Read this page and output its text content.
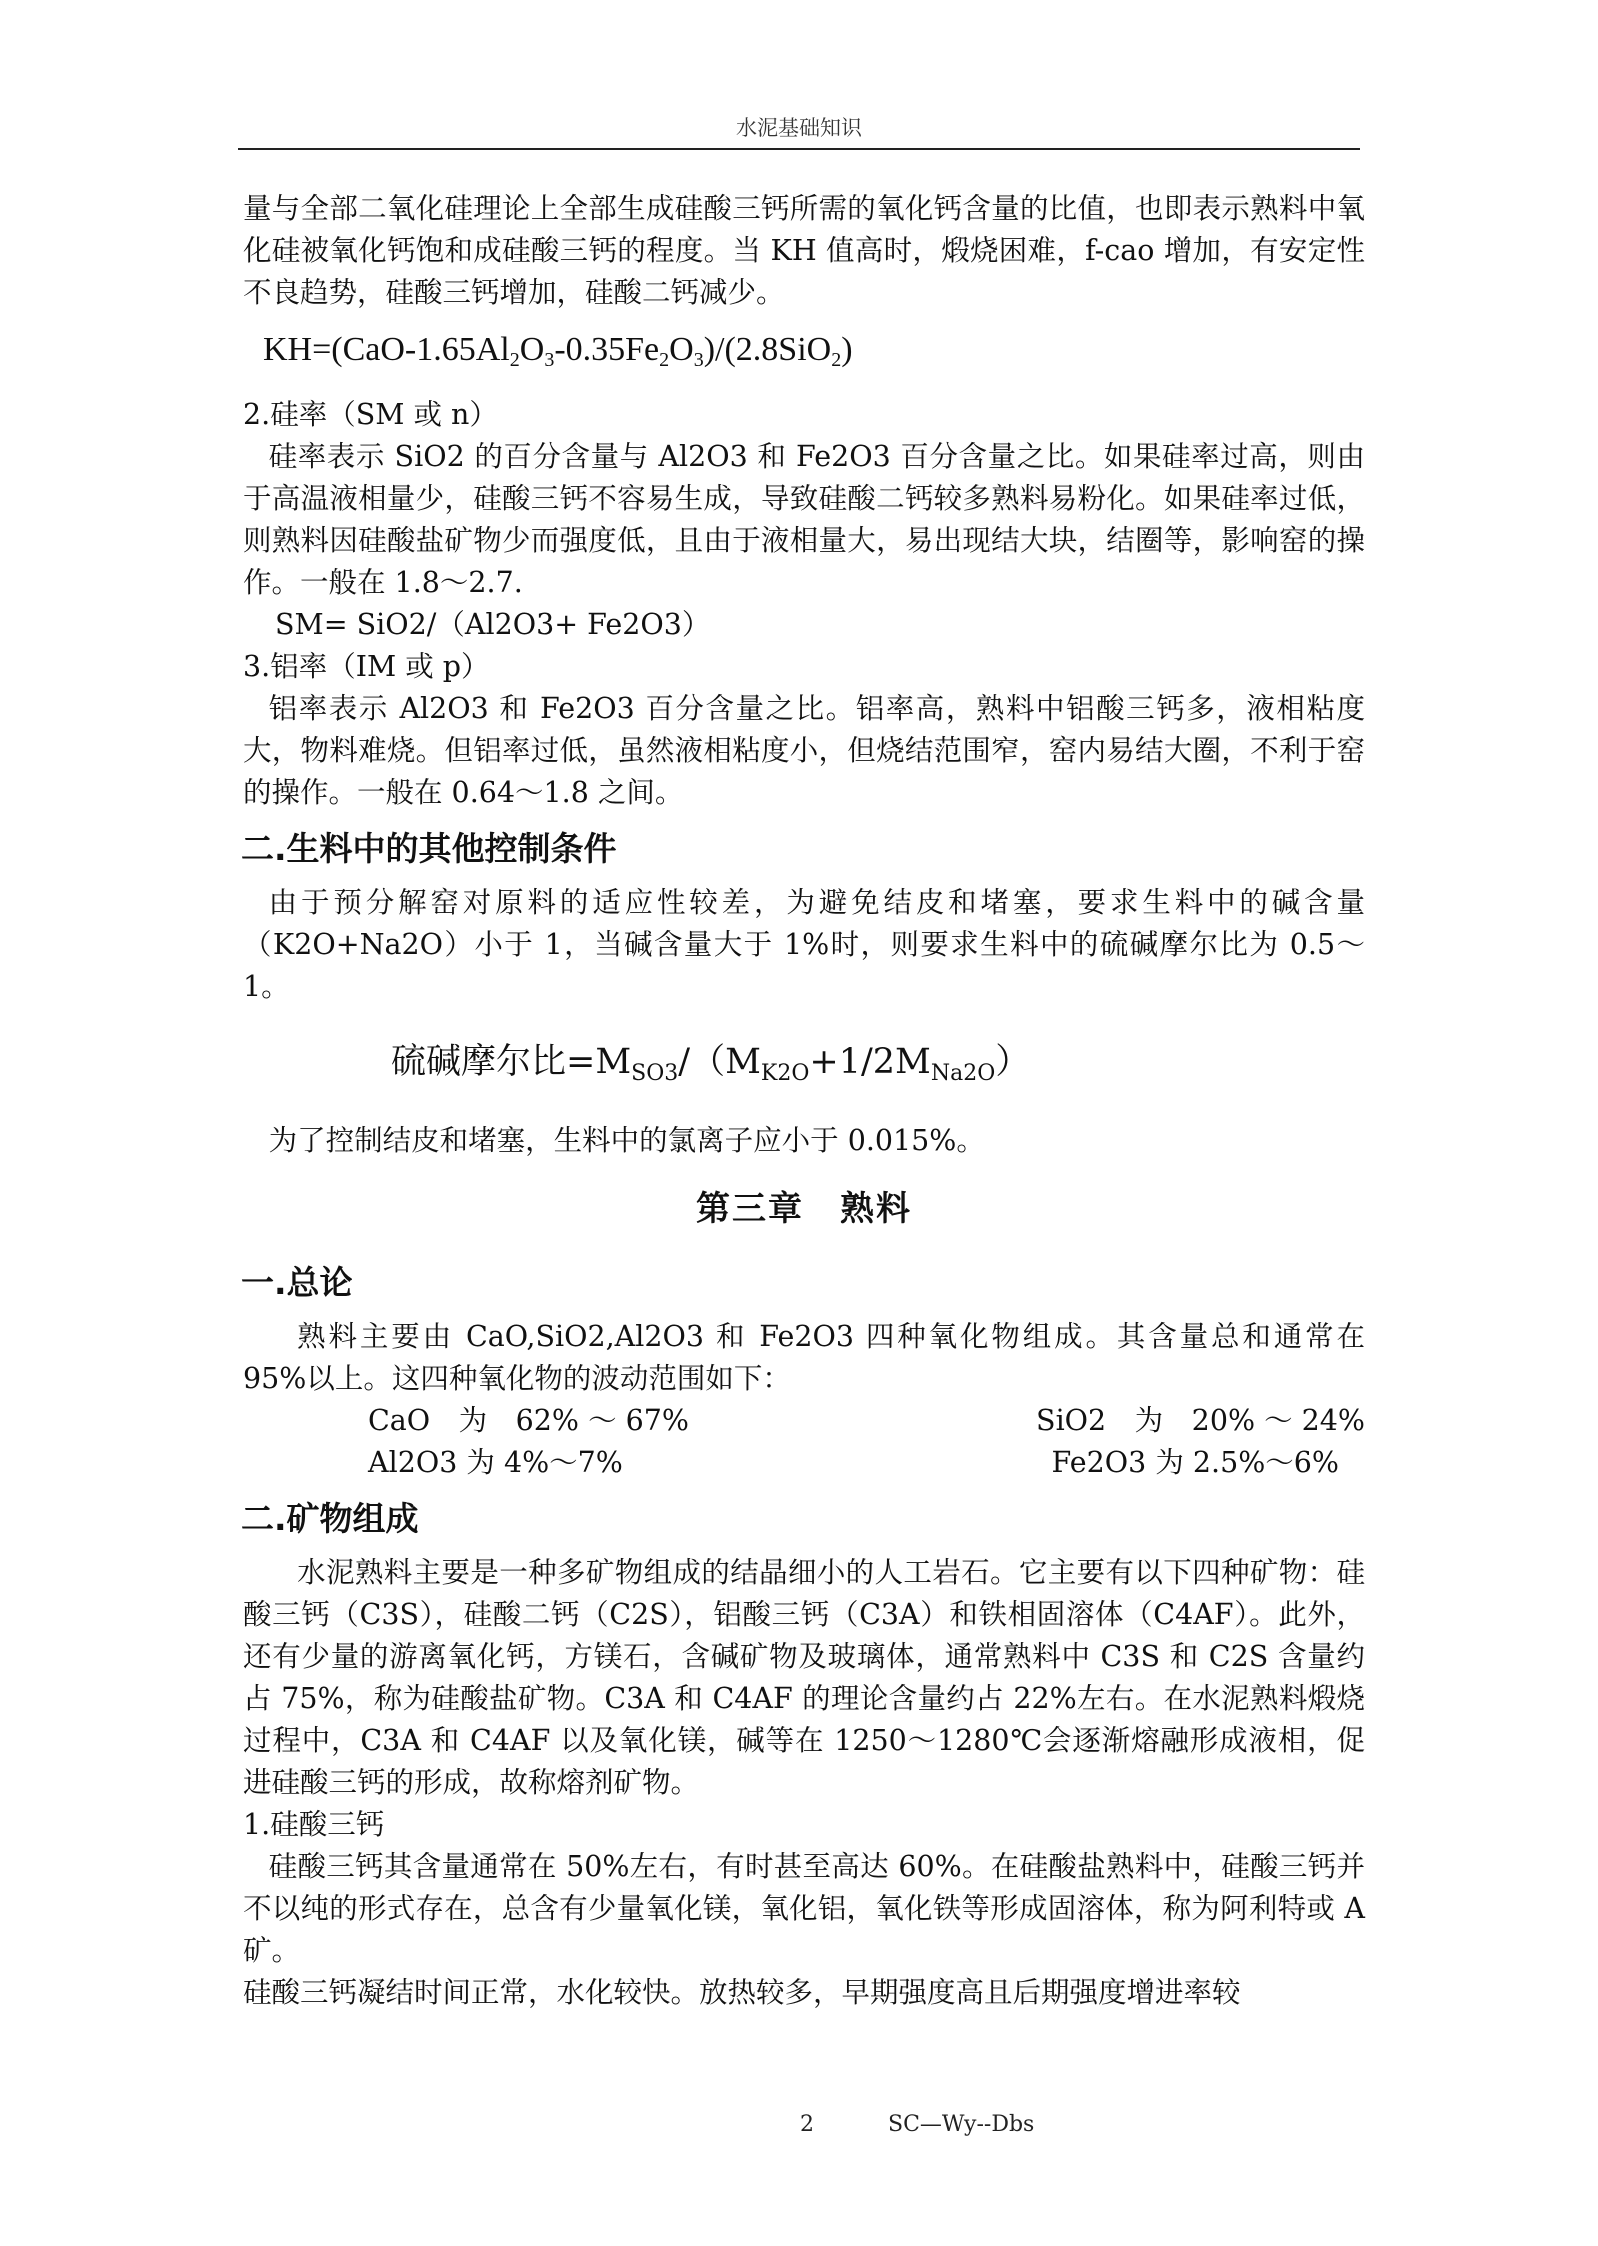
水泥基础知识

量与全部二氧化硅理论上全部生成硅酸三钙所需的氧化钙含量的比值，也即表示熟料中氧化硅被氧化钙饱和成硅酸三钙的程度。当 KH 值高时，煅烧困难，f-cao 增加，有安定性不良趋势，硅酸三钙增加，硅酸二钙减少。

$KH=(CaO-1.65Al_2O_3-0.35Fe_2O_3)/(2.8SiO_2)$
2.硅率（SM 或 n）

硅率表示 SiO2 的百分含量与 Al2O3 和 Fe2O3 百分含量之比。如果硅率过高，则由于高温液相量少，硅酸三钙不容易生成，导致硅酸二钙较多熟料易粉化。如果硅率过低，则熟料因硅酸盐矿物少而强度低，且由于液相量大，易出现结大块，结圈等，影响窑的操作。一般在 1.8～2.7.

SM= SiO2/（Al2O3+ Fe2O3）
3.铝率（IM 或 p）

铝率表示 Al2O3 和 Fe2O3 百分含量之比。铝率高，熟料中铝酸三钙多，液相粘度大，物料难烧。但铝率过低，虽然液相粘度小，但烧结范围窄，窑内易结大圈，不利于窑的操作。一般在 0.64～1.8 之间。

二.生料中的其他控制条件

由于预分解窑对原料的适应性较差，为避免结皮和堵塞，要求生料中的碱含量（K2O+Na2O）小于 1，当碱含量大于 1%时，则要求生料中的硫碱摩尔比为 0.5～1。

硫碱摩尔比$=M_{SO3}/(M_{K2O}+1/2M_{Na2O})$

为了控制结皮和堵塞，生料中的氯离子应小于 0.015%。

第三章　熟料
一.总论

熟料主要由 CaO,SiO2,Al2O3 和 Fe2O3 四种氧化物组成。其含量总和通常在 95%以上。这四种氧化物的波动范围如下：

CaO　为　62% ～ 67%	SiO2　为　20% ～ 24%
Al2O3 为 4%～7%	Fe2O3 为 2.5%～6%
二.矿物组成

水泥熟料主要是一种多矿物组成的结晶细小的人工岩石。它主要有以下四种矿物：硅酸三钙（C3S），硅酸二钙（C2S），铝酸三钙（C3A）和铁相固溶体（C4AF）。此外，还有少量的游离氧化钙，方镁石，含碱矿物及玻璃体，通常熟料中 C3S 和 C2S 含量约占 75%，称为硅酸盐矿物。C3A 和 C4AF 的理论含量约占 22%左右。在水泥熟料煅烧过程中，C3A 和 C4AF 以及氧化镁，碱等在 1250～1280℃会逐渐熔融形成液相，促进硅酸三钙的形成，故称熔剂矿物。

1.硅酸三钙

硅酸三钙其含量通常在 50%左右，有时甚至高达 60%。在硅酸盐熟料中，硅酸三钙并不以纯的形式存在，总含有少量氧化镁，氧化铝，氧化铁等形成固溶体，称为阿利特或 A 矿。

硅酸三钙凝结时间正常，水化较快。放热较多，早期强度高且后期强度增进率较

2	SC—Wy--Dbs
